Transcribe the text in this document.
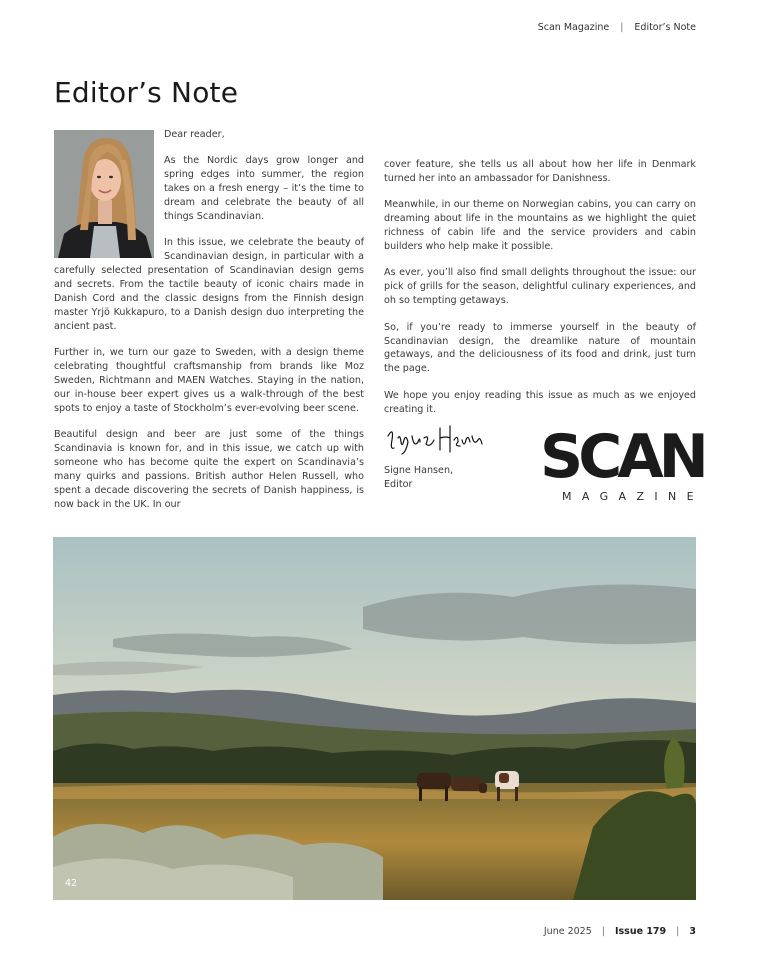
Scan Magazine | Editor’s Note
Editor’s Note

Dear reader,

As the Nordic days grow longer and spring edges into summer, the region takes on a fresh energy – it’s the time to dream and celebrate the beauty of all things Scandinavian.

In this issue, we celebrate the beauty of Scandinavian design, in particular with a carefully selected presentation of Scandinavian design gems and secrets. From the tactile beauty of iconic chairs made in Danish Cord and the classic designs from the Finnish design master Yrjö Kukkapuro, to a Danish design duo interpreting the ancient past.

Further in, we turn our gaze to Sweden, with a design theme celebrating thoughtful craftsmanship from brands like Moz Sweden, Richtmann and MAEN Watches. Staying in the nation, our in-house beer expert gives us a walk-through of the best spots to enjoy a taste of Stockholm’s ever-evolving beer scene.

Beautiful design and beer are just some of the things Scandinavia is known for, and in this issue, we catch up with someone who has become quite the expert on Scandinavia’s many quirks and passions. British author Helen Russell, who spent a decade discovering the secrets of Danish happiness, is now back in the UK. In our

cover feature, she tells us all about how her life in Denmark turned her into an ambassador for Danishness.

Meanwhile, in our theme on Norwegian cabins, you can carry on dreaming about life in the mountains as we highlight the quiet richness of cabin life and the service providers and cabin builders who help make it possible.

As ever, you’ll also find small delights throughout the issue: our pick of grills for the season, delightful culinary experiences, and oh so tempting getaways.

So, if you’re ready to immerse yourself in the beauty of Scandinavian design, the dreamlike nature of mountain getaways, and the deliciousness of its food and drink, just turn the page.

We hope you enjoy reading this issue as much as we enjoyed creating it.

Signe Hansen,
Editor	SCAN
MAGAZINE
42
June 2025 | Issue 179 | 3
